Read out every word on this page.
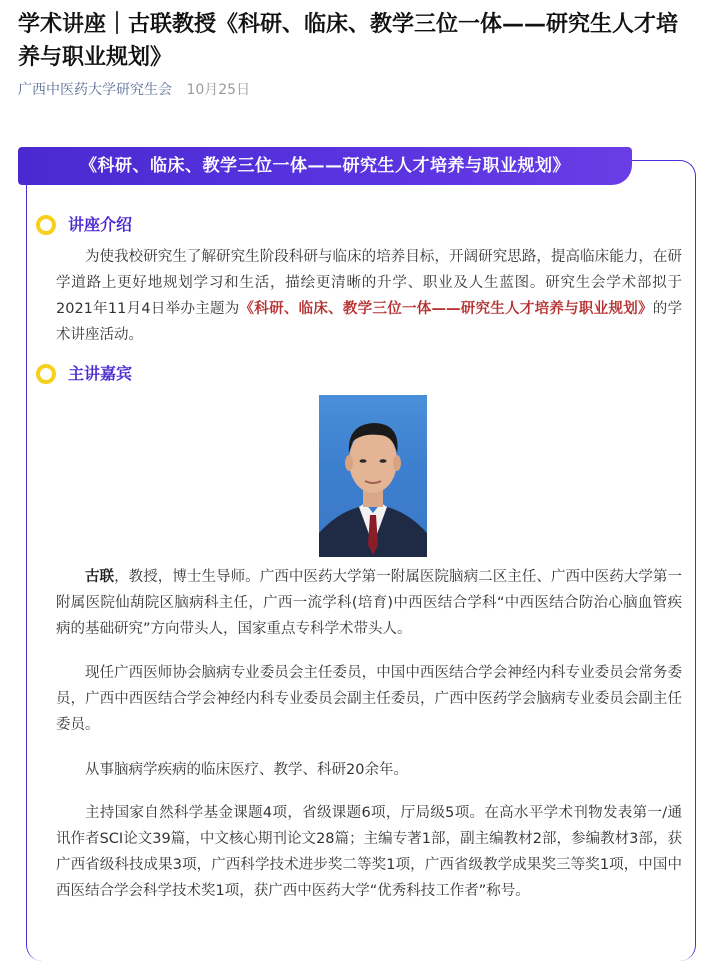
学术讲座｜古联教授《科研、临床、教学三位一体——研究生人才培养与职业规划》
广西中医药大学研究生会 10月25日
《科研、临床、教学三位一体——研究生人才培养与职业规划》
讲座介绍

为使我校研究生了解研究生阶段科研与临床的培养目标，开阔研究思路，提高临床能力，在研学道路上更好地规划学习和生活，描绘更清晰的升学、职业及人生蓝图。研究生会学术部拟于2021年11月4日举办主题为《科研、临床、教学三位一体——研究生人才培养与职业规划》的学术讲座活动。

主讲嘉宾

古联，教授，博士生导师。广西中医药大学第一附属医院脑病二区主任、广西中医药大学第一附属医院仙葫院区脑病科主任，广西一流学科(培育)中西医结合学科“中西医结合防治心脑血管疾病的基础研究”方向带头人，国家重点专科学术带头人。

现任广西医师协会脑病专业委员会主任委员，中国中西医结合学会神经内科专业委员会常务委员，广西中西医结合学会神经内科专业委员会副主任委员，广西中医药学会脑病专业委员会副主任委员。

从事脑病学疾病的临床医疗、教学、科研20余年。

主持国家自然科学基金课题4项，省级课题6项，厅局级5项。在高水平学术刊物发表第一/通讯作者SCI论文39篇，中文核心期刊论文28篇；主编专著1部，副主编教材2部，参编教材3部，获广西省级科技成果3项，广西科学技术进步奖二等奖1项，广西省级教学成果奖三等奖1项，中国中西医结合学会科学技术奖1项，获广西中医药大学“优秀科技工作者”称号。
